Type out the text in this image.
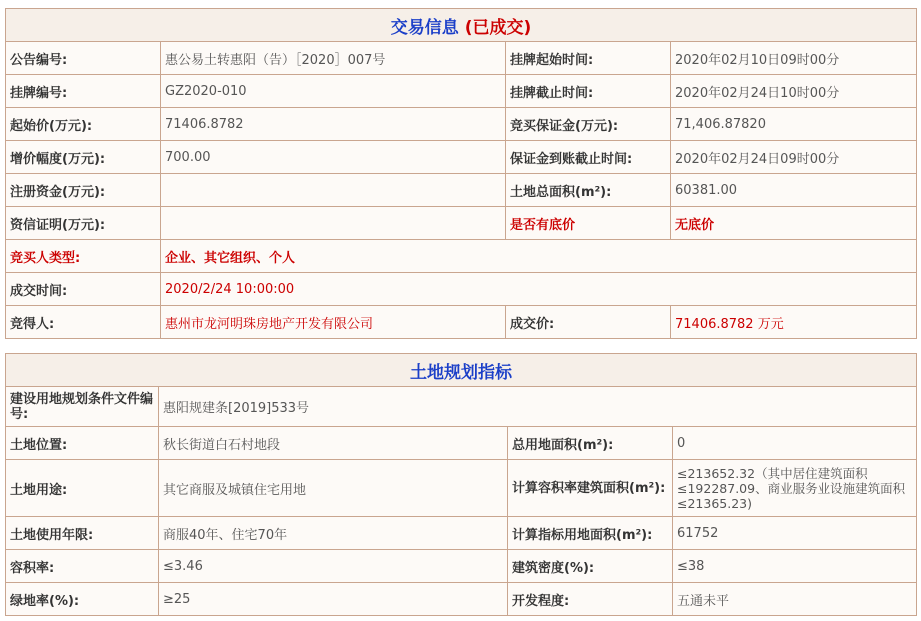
交易信息 (已成交)			
公告编号:	惠公易土转惠阳（告）［2020］007号	挂牌起始时间:	2020年02月10日09时00分
挂牌编号:	GZ2020-010	挂牌截止时间:	2020年02月24日10时00分
起始价(万元):	71406.8782	竞买保证金(万元):	71,406.87820
增价幅度(万元):	700.00	保证金到账截止时间:	2020年02月24日09时00分
注册资金(万元):		土地总面积(m²):	60381.00
资信证明(万元):		是否有底价	无底价
竞买人类型:	企业、其它组织、个人		
成交时间:	2020/2/24 10:00:00		
竞得人:	惠州市龙河明珠房地产开发有限公司	成交价:	71406.8782 万元
土地规划指标			
建设用地规划条件文件编号:	惠阳规建条[2019]533号		
土地位置:	秋长街道白石村地段	总用地面积(m²):	0
土地用途:	其它商服及城镇住宅用地	计算容积率建筑面积(m²):	≤213652.32（其中居住建筑面积≤192287.09、商业服务业设施建筑面积≤21365.23)
土地使用年限:	商服40年、住宅70年	计算指标用地面积(m²):	61752
容积率:	≤3.46	建筑密度(%):	≤38
绿地率(%):	≥25	开发程度:	五通未平
